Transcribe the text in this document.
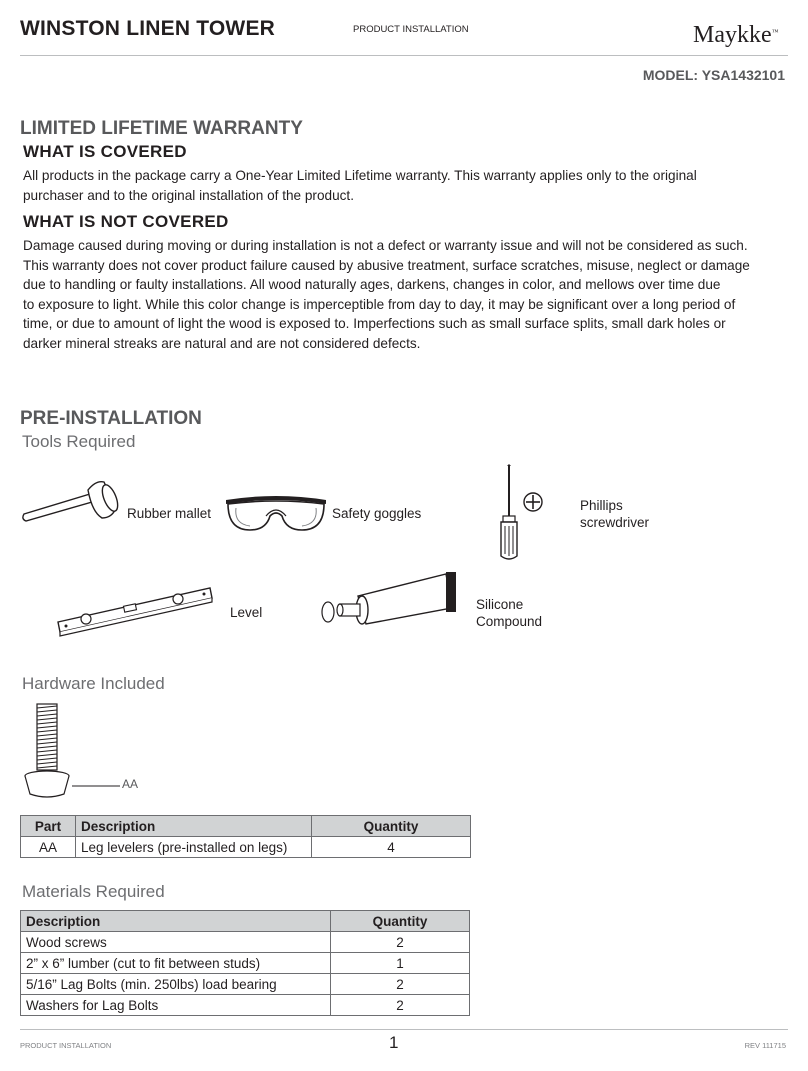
WINSTON LINEN TOWER	PRODUCT INSTALLATION	Maykke™
MODEL: YSA1432101
LIMITED LIFETIME WARRANTY
WHAT IS COVERED
All products in the package carry a One-Year Limited Lifetime warranty. This warranty applies only to the original
purchaser and to the original installation of the product.
WHAT IS NOT COVERED
Damage caused during moving or during installation is not a defect or warranty issue and will not be considered as such.
This warranty does not cover product failure caused by abusive treatment, surface scratches, misuse, neglect or damage
due to handling or faulty installations. All wood naturally ages, darkens, changes in color, and mellows over time due
to exposure to light. While this color change is imperceptible from day to day, it may be significant over a long period of
time, or due to amount of light the wood is exposed to. Imperfections such as small surface splits, small dark holes or
darker mineral streaks are natural and are not considered defects.
PRE-INSTALLATION
Tools Required
Rubber mallet	Safety goggles
Phillips
screwdriver
Level
Silicone
Compound
Hardware Included
AA
Part	Description	Quantity
AA	Leg levelers (pre-installed on legs)	4
Materials Required
Description	Quantity
Wood screws	2
2” x 6” lumber (cut to fit between studs)	1
5/16” Lag Bolts (min. 250lbs) load bearing	2
Washers for Lag Bolts	2
PRODUCT INSTALLATION	1	REV 111715
